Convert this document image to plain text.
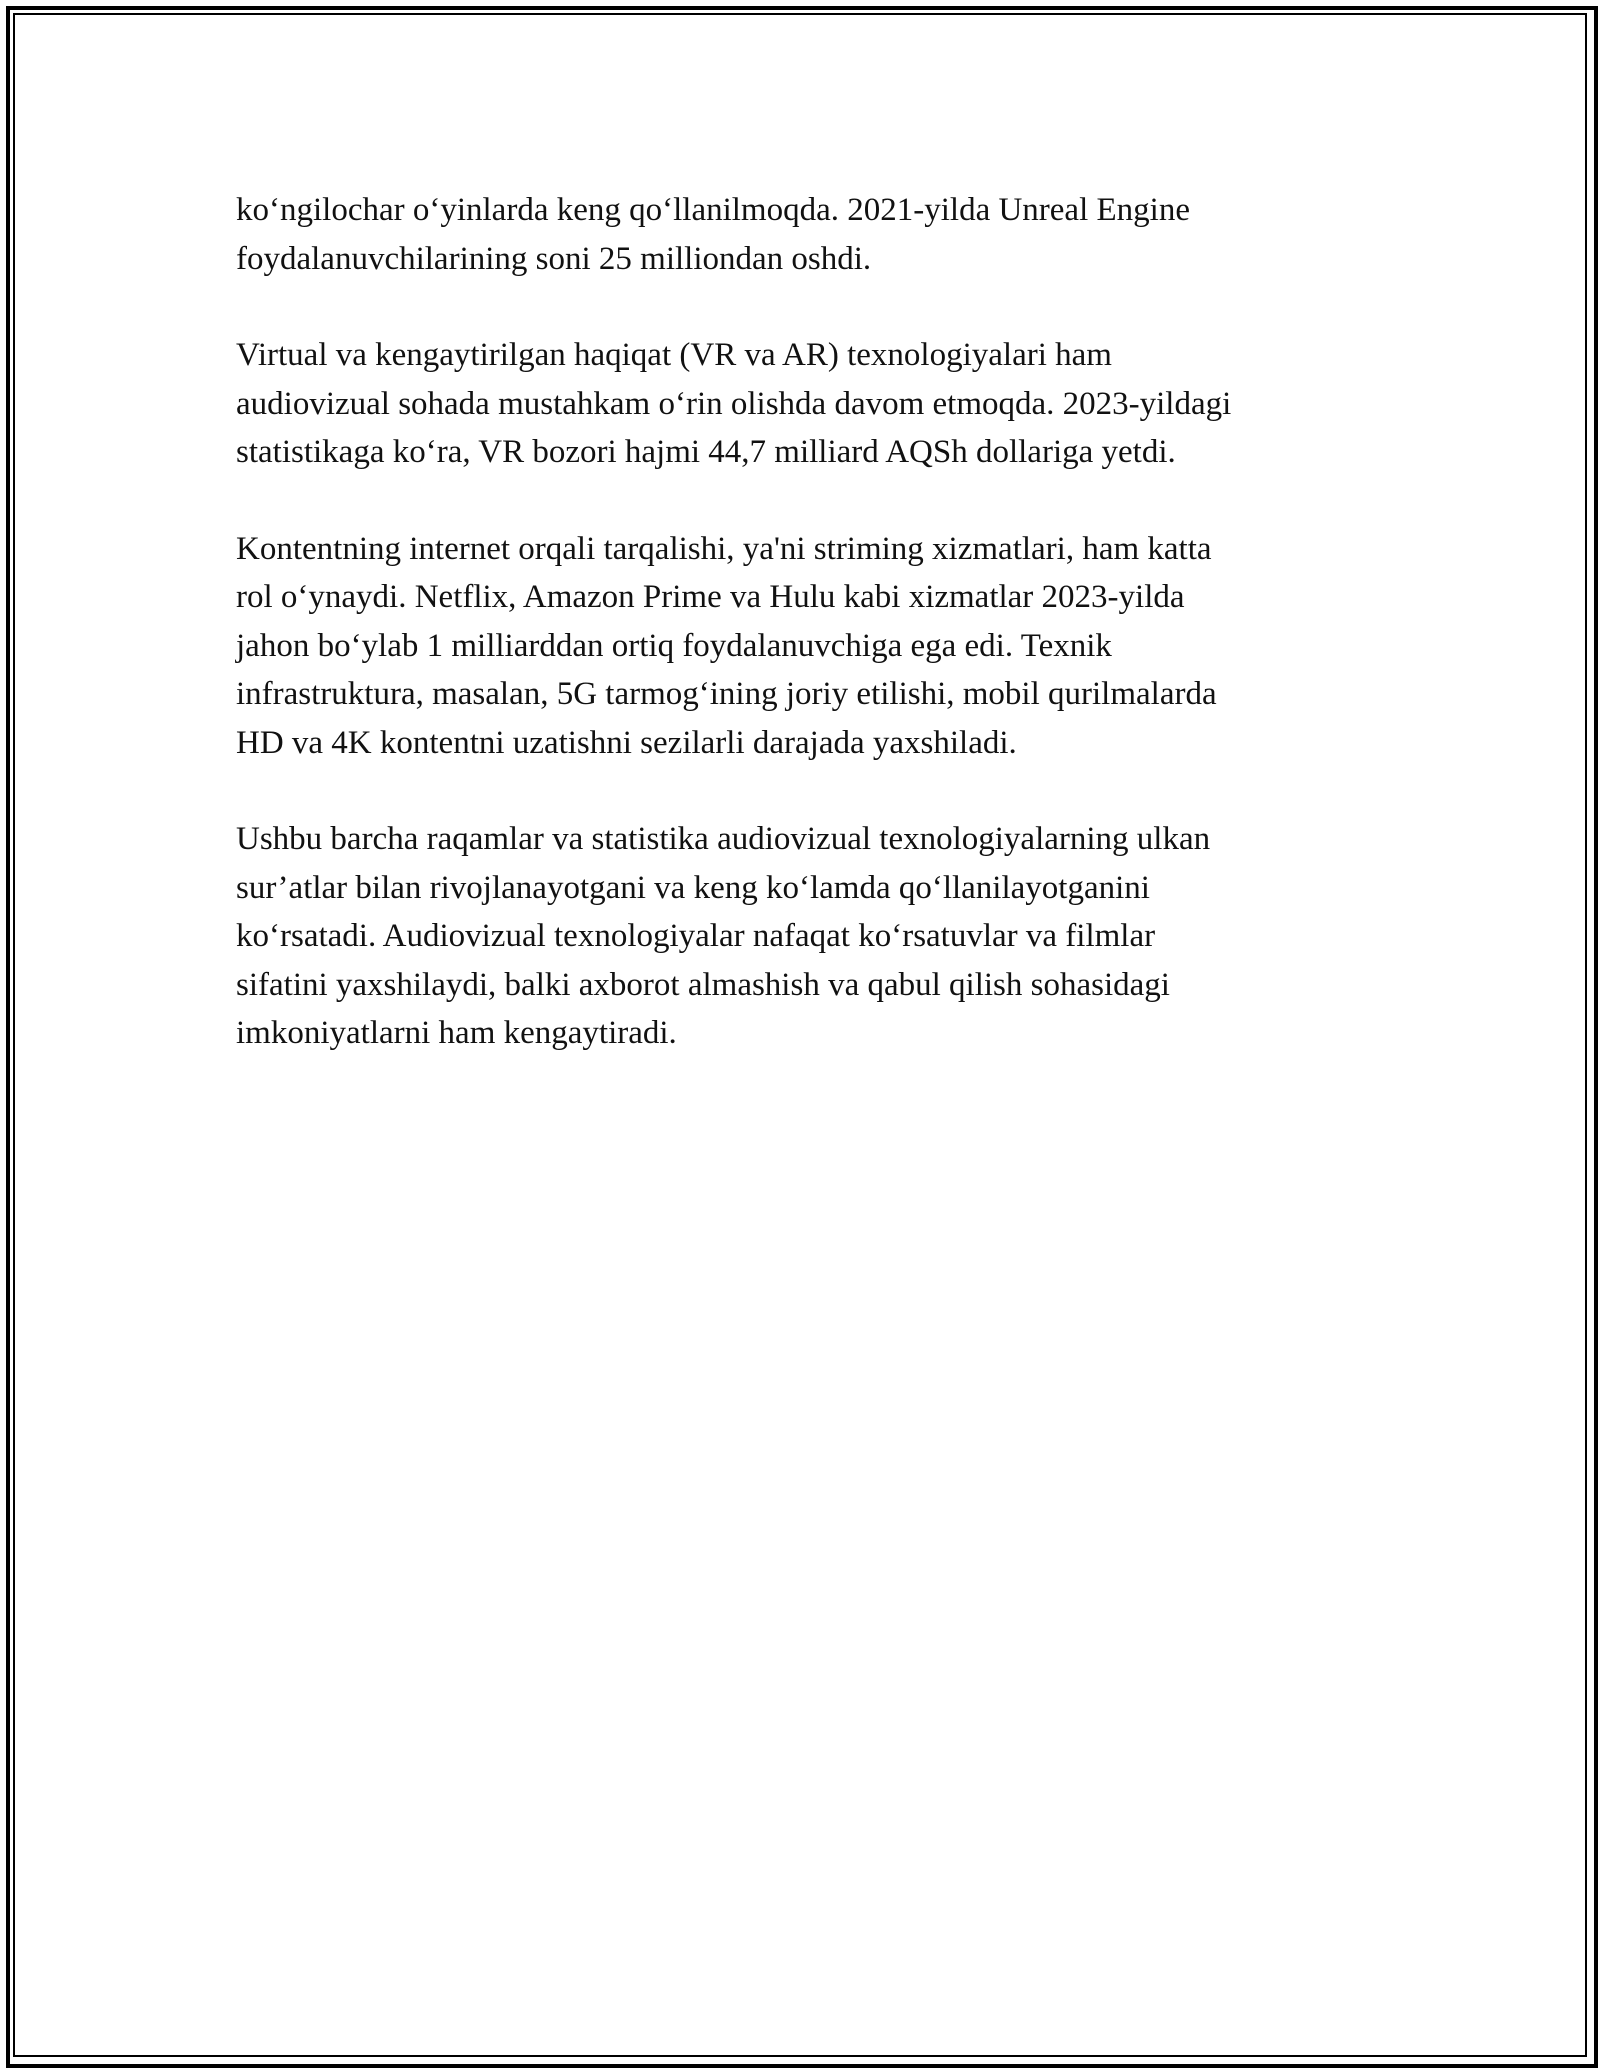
ko‘ngilochar o‘yinlarda keng qo‘llanilmoqda. 2021-yilda Unreal Engine
foydalanuvchilarining soni 25 milliondan oshdi.

Virtual va kengaytirilgan haqiqat (VR va AR) texnologiyalari ham
audiovizual sohada mustahkam o‘rin olishda davom etmoqda. 2023-yildagi
statistikaga ko‘ra, VR bozori hajmi 44,7 milliard AQSh dollariga yetdi.

Kontentning internet orqali tarqalishi, ya'ni striming xizmatlari, ham katta
rol o‘ynaydi. Netflix, Amazon Prime va Hulu kabi xizmatlar 2023-yilda
jahon bo‘ylab 1 milliarddan ortiq foydalanuvchiga ega edi. Texnik
infrastruktura, masalan, 5G tarmog‘ining joriy etilishi, mobil qurilmalarda
HD va 4K kontentni uzatishni sezilarli darajada yaxshiladi.

Ushbu barcha raqamlar va statistika audiovizual texnologiyalarning ulkan
sur’atlar bilan rivojlanayotgani va keng ko‘lamda qo‘llanilayotganini
ko‘rsatadi. Audiovizual texnologiyalar nafaqat ko‘rsatuvlar va filmlar
sifatini yaxshilaydi, balki axborot almashish va qabul qilish sohasidagi
imkoniyatlarni ham kengaytiradi.
